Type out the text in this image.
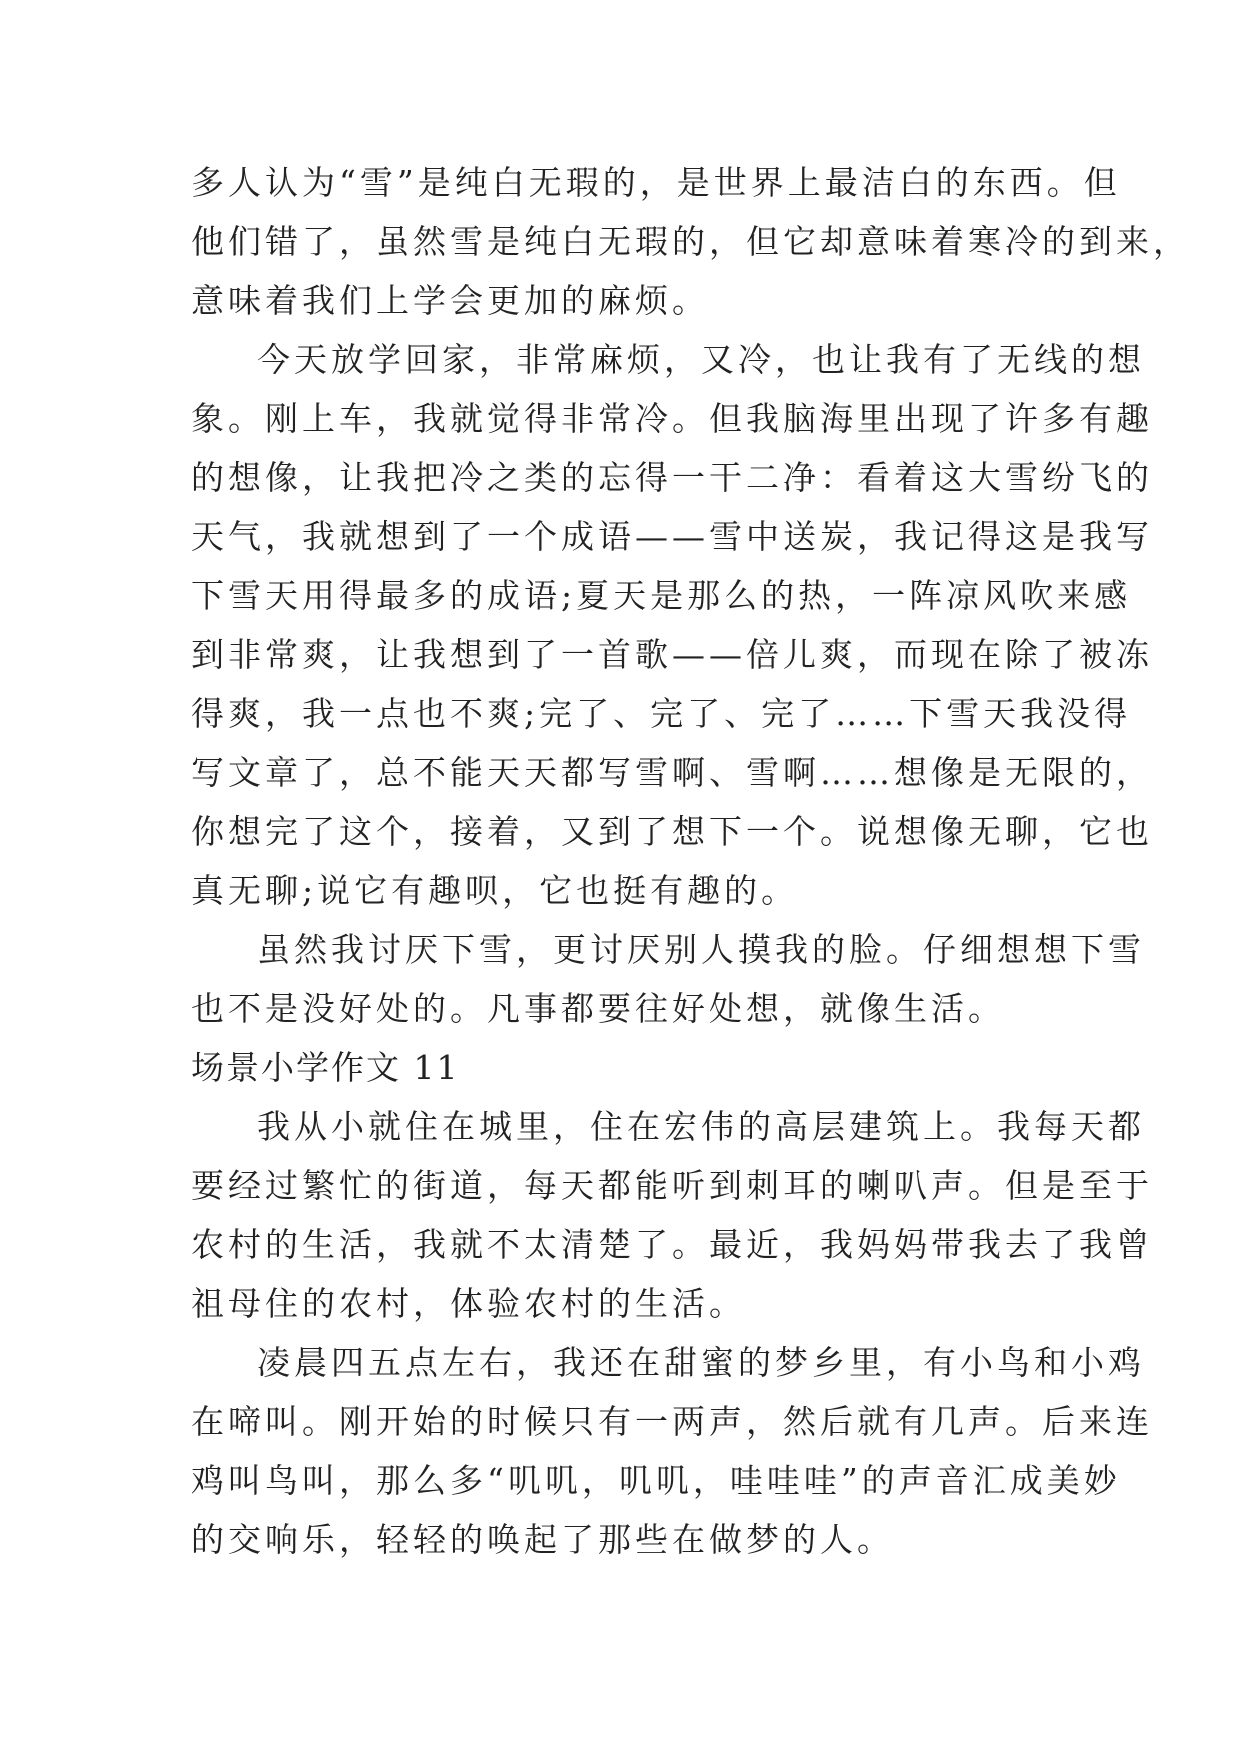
多人认为“雪”是纯白无瑕的，是世界上最洁白的东西。但
他们错了，虽然雪是纯白无瑕的，但它却意味着寒冷的到来，
意味着我们上学会更加的麻烦。
今天放学回家，非常麻烦，又冷，也让我有了无线的想
象。刚上车，我就觉得非常冷。但我脑海里出现了许多有趣
的想像，让我把冷之类的忘得一干二净：看着这大雪纷飞的
天气，我就想到了一个成语——雪中送炭，我记得这是我写
下雪天用得最多的成语;夏天是那么的热，一阵凉风吹来感
到非常爽，让我想到了一首歌——倍儿爽，而现在除了被冻
得爽，我一点也不爽;完了、完了、完了……下雪天我没得
写文章了，总不能天天都写雪啊、雪啊……想像是无限的，
你想完了这个，接着，又到了想下一个。说想像无聊，它也
真无聊;说它有趣呗，它也挺有趣的。
虽然我讨厌下雪，更讨厌别人摸我的脸。仔细想想下雪
也不是没好处的。凡事都要往好处想，就像生活。
场景小学作文 11
我从小就住在城里，住在宏伟的高层建筑上。我每天都
要经过繁忙的街道，每天都能听到刺耳的喇叭声。但是至于
农村的生活，我就不太清楚了。最近，我妈妈带我去了我曾
祖母住的农村，体验农村的生活。
凌晨四五点左右，我还在甜蜜的梦乡里，有小鸟和小鸡
在啼叫。刚开始的时候只有一两声，然后就有几声。后来连
鸡叫鸟叫，那么多“叽叽，叽叽，哇哇哇”的声音汇成美妙
的交响乐，轻轻的唤起了那些在做梦的人。
